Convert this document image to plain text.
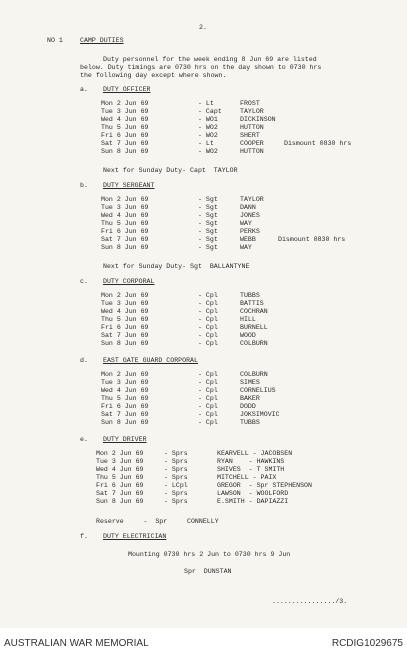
2.
NO 1	CAMP DUTIES
Duty personnel for the week ending 8 Jun 69 are listed
below. Duty timings are 0730 hrs on the day shown to 0730 hrs
the following day except where shown.
a. DUTY OFFICER
Mon 2 Jun 69	- Lt	FROST
Tue 3 Jun 69	- Capt	TAYLOR
Wed 4 Jun 69	- WO1	DICKINSON
Thu 5 Jun 69	- WO2	HUTTON
Fri 6 Jun 69	- WO2	SHERT
Sat 7 Jun 69	- Lt	COOPER	Dismount 0830 hrs
Sun 8 Jun 69	- WO2	HUTTON
Next for Sunday Duty- Capt  TAYLOR
b. DUTY SERGEANT
Mon 2 Jun 69	- Sgt	TAYLOR
Tue 3 Jun 69	- Sgt	DANN
Wed 4 Jun 69	- Sgt	JONES
Thu 5 Jun 69	- Sgt	WAY
Fri 6 Jun 69	- Sgt	PERKS
Sat 7 Jun 69	- Sgt	WEBB	Dismount 0830 hrs
Sun 8 Jun 69	- Sgt	WAY
Next for Sunday Duty- Sgt  BALLANTYNE
c. DUTY CORPORAL
Mon 2 Jun 69	- Cpl	TUBBS
Tue 3 Jun 69	- Cpl	BATTIS
Wed 4 Jun 69	- Cpl	COCHRAN
Thu 5 Jun 69	- Cpl	HILL
Fri 6 Jun 69	- Cpl	BURNELL
Sat 7 Jun 69	- Cpl	WOOD
Sun 8 Jun 69	- Cpl	COLBURN
d. EAST GATE GUARD CORPORAL
Mon 2 Jun 69	- Cpl	COLBURN
Tue 3 Jun 69	- Cpl	SIMES
Wed 4 Jun 69	- Cpl	CORNELIUS
Thu 5 Jun 69	- Cpl	BAKER
Fri 6 Jun 69	- Cpl	DODD
Sat 7 Jun 69	- Cpl	JOKSIMOVIC
Sun 8 Jun 69	- Cpl	TUBBS
e. DUTY DRIVER
Mon 2 Jun 69	- Sprs	KEARVELL - JACOBSEN
Tue 3 Jun 69	- Sprs	RYAN    - HAWKINS
Wed 4 Jun 69	- Sprs	SHIVES  - T SMITH
Thu 5 Jun 69	- Sprs	MITCHELL - PAIX
Fri 6 Jun 69	- LCpl	GREGOR  - Spr STEPHENSON
Sat 7 Jun 69	- Sprs	LAWSON  - WOOLFORD
Sun 8 Jun 69	- Sprs	E.SMITH - DAPIAZZI
Reserve     -  Spr     CONNELLY
f. DUTY ELECTRICIAN
Mounting 0730 hrs 2 Jun to 0730 hrs 9 Jun
Spr  DUNSTAN
................/3.
AUSTRALIAN WAR MEMORIAL	RCDIG1029675
